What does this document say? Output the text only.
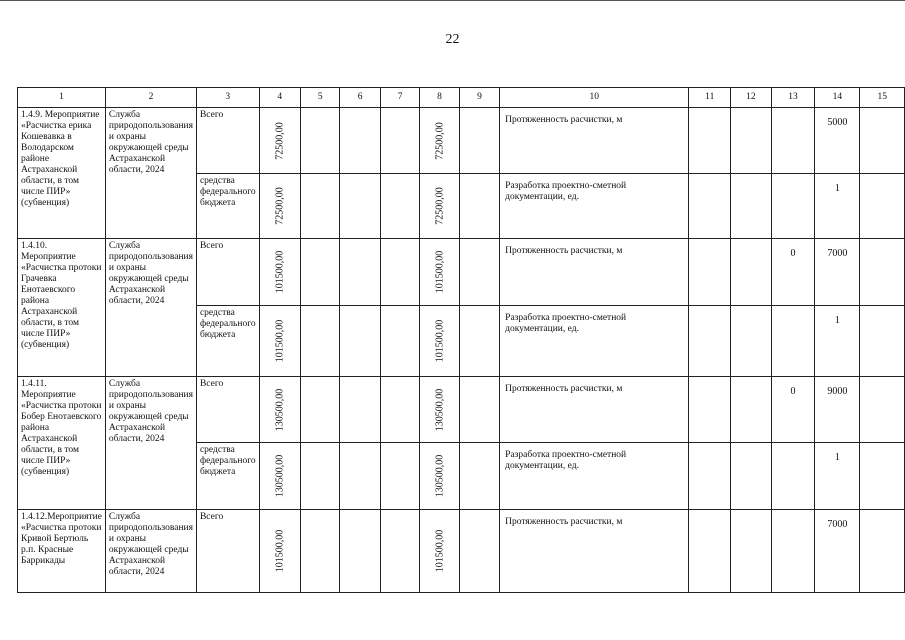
22
1	2	3	4	5	6	7	8	9	10	11	12	13	14	15
1.4.9. Мероприятие «Расчистка ерика Кошевавка в Володарском районе Астраханской области, в том числе ПИР» (субвенция)	Служба природопользования и охраны окружающей среды Астраханской области, 2024	Всего	72500,00				72500,00		Протяженность расчистки, м				5000	
		средства федерального бюджета	72500,00				72500,00		Разработка проектно-сметной документации, ед.				1	
1.4.10. Мероприятие «Расчистка протоки Грачевка Енотаевского района Астраханской области, в том числе ПИР» (субвенция)	Служба природопользования и охраны окружающей среды Астраханской области, 2024	Всего	101500,00				101500,00		Протяженность расчистки, м			0	7000	
		средства федерального бюджета	101500,00				101500,00		Разработка проектно-сметной документации, ед.				1	
1.4.11. Мероприятие «Расчистка протоки Бобер Енотаевского района Астраханской области, в том числе ПИР» (субвенция)	Служба природопользования и охраны окружающей среды Астраханской области, 2024	Всего	130500,00				130500,00		Протяженность расчистки, м			0	9000	
		средства федерального бюджета	130500,00				130500,00		Разработка проектно-сметной документации, ед.				1	
1.4.12.Мероприятие «Расчистка протоки Кривой Бертюль р.п. Красные Баррикады	Служба природопользования и охраны окружающей среды Астраханской области, 2024	Всего	101500,00				101500,00		Протяженность расчистки, м				7000	
